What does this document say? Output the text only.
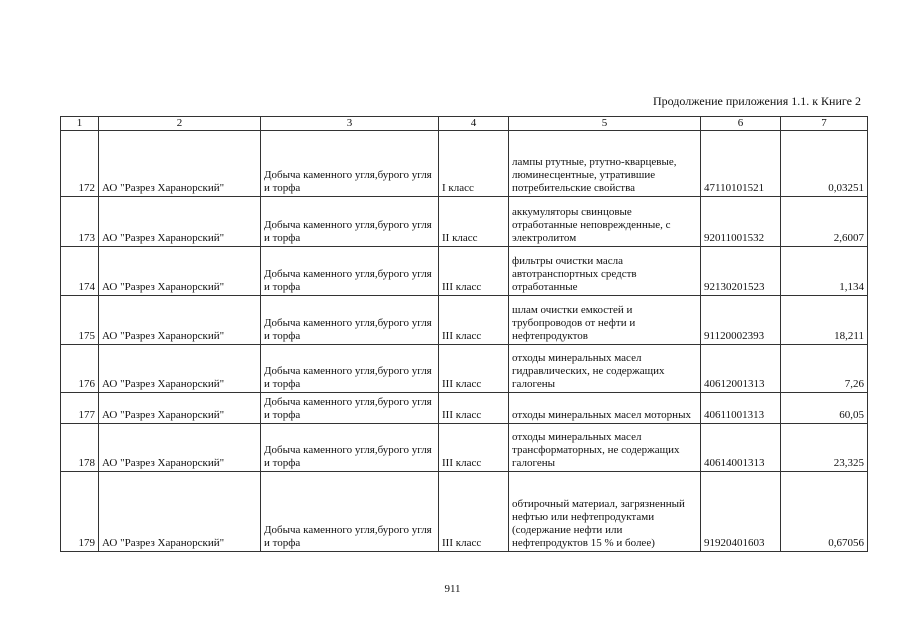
Продолжение приложения 1.1. к Книге 2
1	2	3	4	5	6	7
172	АО "Разрез Харанорский"	Добыча каменного угля,бурого угля и торфа	I класс	лампы ртутные, ртутно-кварцевые, люминесцентные, утратившие потребительские свойства	47110101521	0,03251
173	АО "Разрез Харанорский"	Добыча каменного угля,бурого угля и торфа	II класс	аккумуляторы свинцовые отработанные неповрежденные, с электролитом	92011001532	2,6007
174	АО "Разрез Харанорский"	Добыча каменного угля,бурого угля и торфа	III класс	фильтры очистки масла автотранспортных средств отработанные	92130201523	1,134
175	АО "Разрез Харанорский"	Добыча каменного угля,бурого угля и торфа	III класс	шлам очистки емкостей и трубопроводов от нефти и нефтепродуктов	91120002393	18,211
176	АО "Разрез Харанорский"	Добыча каменного угля,бурого угля и торфа	III класс	отходы минеральных масел гидравлических, не содержащих галогены	40612001313	7,26
177	АО "Разрез Харанорский"	Добыча каменного угля,бурого угля и торфа	III класс	отходы минеральных масел моторных	40611001313	60,05
178	АО "Разрез Харанорский"	Добыча каменного угля,бурого угля и торфа	III класс	отходы минеральных масел трансформаторных, не содержащих галогены	40614001313	23,325
179	АО "Разрез Харанорский"	Добыча каменного угля,бурого угля и торфа	III класс	обтирочный материал, загрязненный нефтью или нефтепродуктами (содержание нефти или нефтепродуктов 15 % и более)	91920401603	0,67056
911
